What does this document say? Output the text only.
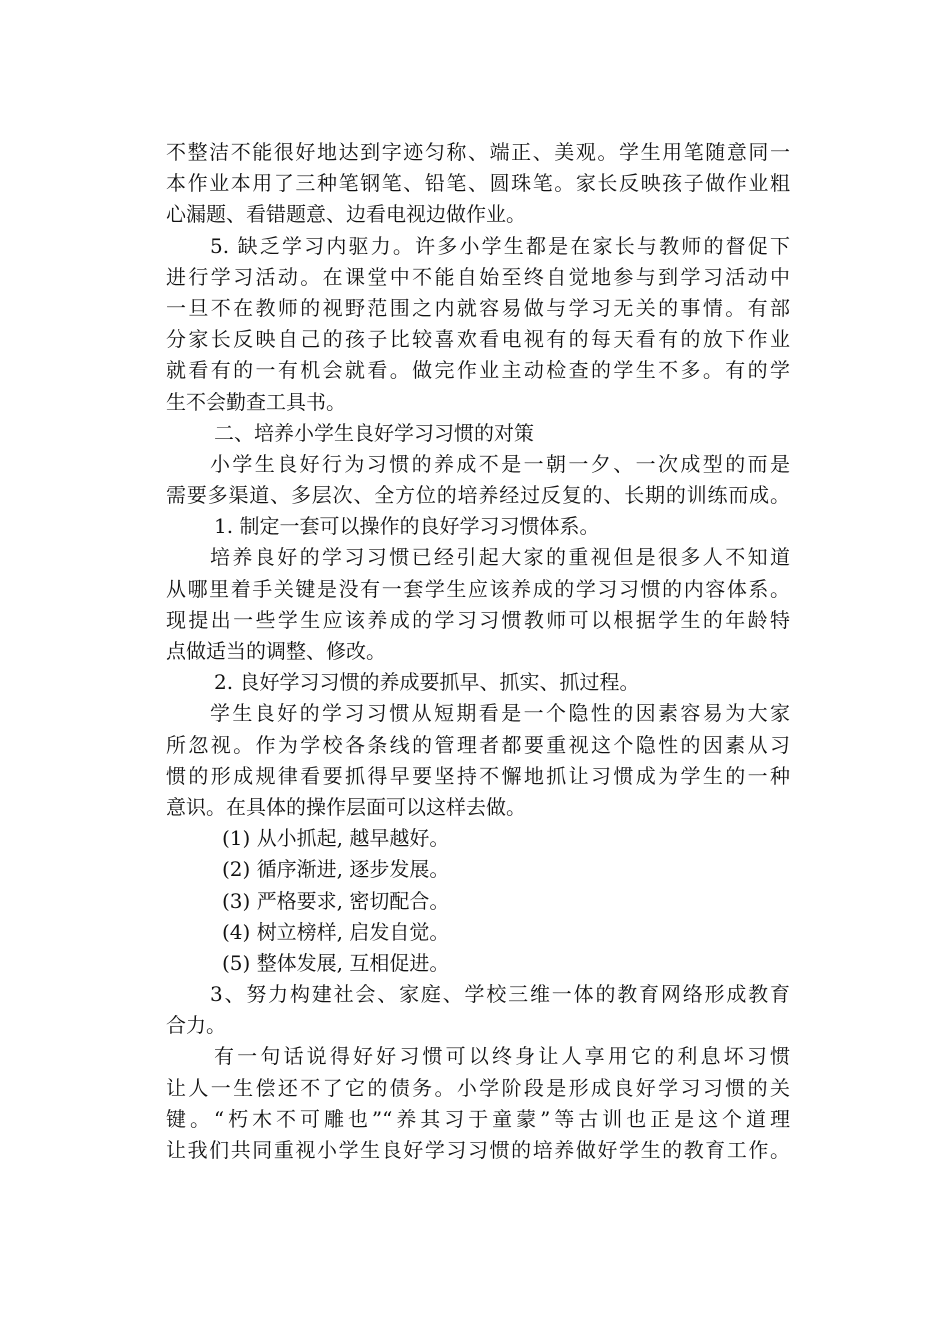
不整洁不能很好地达到字迹匀称、端正、美观。学生用笔随意同一
本作业本用了三种笔钢笔、铅笔、圆珠笔。家长反映孩子做作业粗
心漏题、看错题意、边看电视边做作业。
5. 缺乏学习内驱力。许多小学生都是在家长与教师的督促下
进行学习活动。在课堂中不能自始至终自觉地参与到学习活动中
一旦不在教师的视野范围之内就容易做与学习无关的事情。有部
分家长反映自己的孩子比较喜欢看电视有的每天看有的放下作业
就看有的一有机会就看。做完作业主动检查的学生不多。有的学
生不会勤查工具书。
二、培养小学生良好学习习惯的对策
小学生良好行为习惯的养成不是一朝一夕、一次成型的而是
需要多渠道、多层次、全方位的培养经过反复的、长期的训练而成。
1. 制定一套可以操作的良好学习习惯体系。
培养良好的学习习惯已经引起大家的重视但是很多人不知道
从哪里着手关键是没有一套学生应该养成的学习习惯的内容体系。
现提出一些学生应该养成的学习习惯教师可以根据学生的年龄特
点做适当的调整、修改。
2. 良好学习习惯的养成要抓早、抓实、抓过程。
学生良好的学习习惯从短期看是一个隐性的因素容易为大家
所忽视。作为学校各条线的管理者都要重视这个隐性的因素从习
惯的形成规律看要抓得早要坚持不懈地抓让习惯成为学生的一种
意识。在具体的操作层面可以这样去做。
(1) 从小抓起, 越早越好。
(2) 循序渐进, 逐步发展。
(3) 严格要求, 密切配合。
(4) 树立榜样, 启发自觉。
(5) 整体发展, 互相促进。
3、努力构建社会、家庭、学校三维一体的教育网络形成教育
合力。
有一句话说得好好习惯可以终身让人享用它的利息坏习惯
让人一生偿还不了它的债务。小学阶段是形成良好学习习惯的关
键。“朽木不可雕也”“养其习于童蒙”等古训也正是这个道理
让我们共同重视小学生良好学习习惯的培养做好学生的教育工作。
